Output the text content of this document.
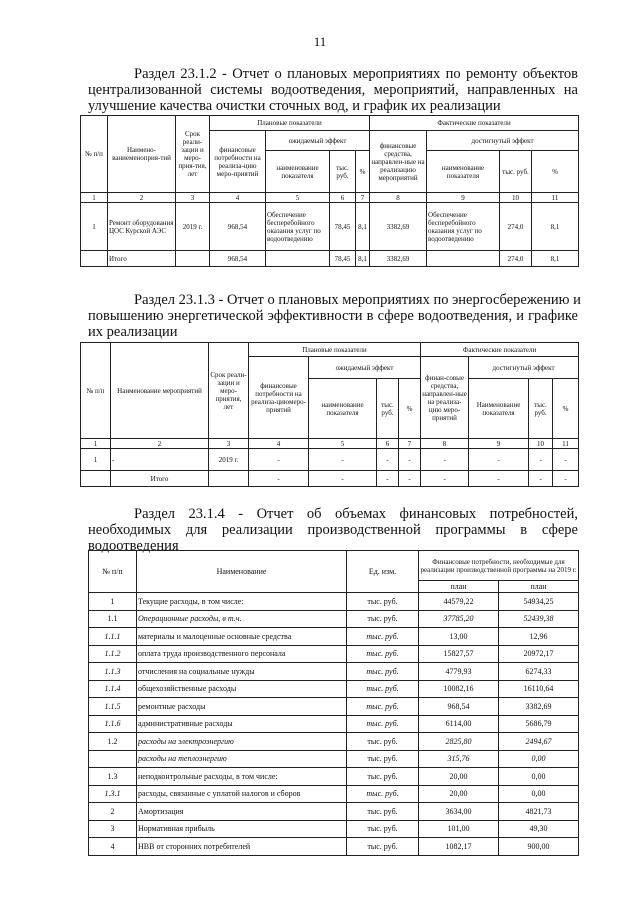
11
Раздел 23.1.2 - Отчет о плановых мероприятиях по ремонту объектов
централизованной системы водоотведения, мероприятий, направленных на
улучшение качества очистки сточных вод, и график их реализации
№ п/п	Наимено-ваниеменоприя-тий	Срок реали-зации и меро-прия-тия, лет	Плановые показатели				Фактические показатели			
			финансовые потребности на реализа-цию меро-приятий	ожидаемый эффект			финансовые средства, направлен-ные на реализацию мероприятий	достигнутый эффект		
				наименование показателя	тыс. руб.	%		наименование показателя	тыс. руб.	%
1	2	3	4	5	6	7	8	9	10	11
1	Ремонт оборудования ЦОС Курской АЭС	2019 г.	968,54	Обеспечение бесперебойного оказания услуг по водоотведению	78,45	8,1	3382,69	Обеспечение бесперебойного оказания услуг по водоотведению	274,0	8,1
	Итого		968,54		78,45	8,1	3382,69		274,0	8,1
Раздел 23.1.3 - Отчет о плановых мероприятиях по энергосбережению и
повышению энергетической эффективности в сфере водоотведения, и графике
их реализации
№ п/п	Наименование мероприятий	Срок реали-зации и меро-приятия, лет	Плановые показатели				Фактические показатели			
			финансовые потребности на реализа-циюмеро-приятий	ожидаемый эффект			финан-совые средства, направлен-ные на реализа-цию меро-приятий	достигнутый эффект		
				наименование показателя	тыс. руб.	%		Наименование показателя	тыс. руб.	%
1	2	3	4	5	6	7	8	9	10	11
1	-	2019 г.	-	-	-	-	-	-	-	-
	Итого		-	-	-	-	-	-	-	-
Раздел 23.1.4 - Отчет об объемах финансовых потребностей,
необходимых для реализации производственной программы в сфере
водоотведения
№ п/п	Наименование	Ед. изм.	Финансовые потребности, необходимые для реализации производственной программы на 2019 г.	
			план	план
1	Текущие расходы, в том числе:	тыс. руб.	44579,22	54934,25
1.1	Операционные расходы, в т.ч.	тыс. руб.	37785,20	52439,38
1.1.1	материалы и малоценные основные средства	тыс. руб.	13,00	12,96
1.1.2	оплата труда производственного персонала	тыс. руб.	15827,57	20972,17
1.1.3	отчисления на социальные нужды	тыс. руб.	4779,93	6274,33
1.1.4	общехозяйственные расходы	тыс. руб.	10082,16	16110,64
1.1.5	ремонтные расходы	тыс. руб.	968,54	3382,69
1.1.6	административные расходы	тыс. руб.	6114,00	5686,79
1.2	расходы на электроэнергию	тыс. руб.	2825,80	2494,67
	расходы на теплоэнергию	тыс. руб.	315,76	0,00
1.3	неподконтрольные расходы, в том числе:	тыс. руб.	20,00	0,00
1.3.1	расходы, связанные с уплатой налогов и сборов	тыс. руб.	20,00	0,00
2	Амортизация	тыс. руб.	3634,00	4821,73
3	Нормативная прибыль	тыс. руб.	101,00	49,30
4	НВВ от сторонних потребителей	тыс. руб.	1082,17	900,00
